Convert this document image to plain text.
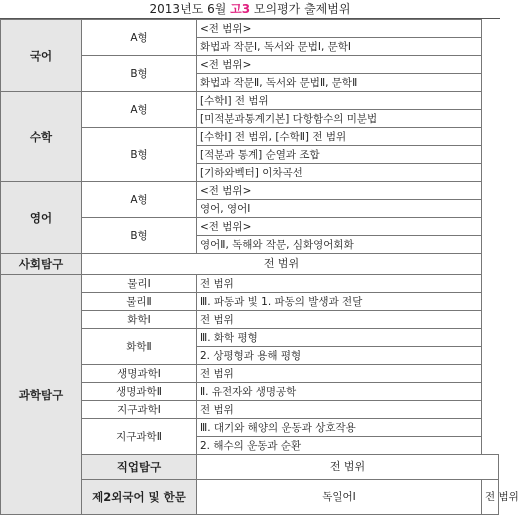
2013년도 6월 고3 모의평가 출제범위
국어	A형	<전 범위>	
		화법과 작문Ⅰ, 독서와 문법Ⅰ, 문학Ⅰ	
	B형	<전 범위>	
		화법과 작문Ⅱ, 독서와 문법Ⅱ, 문학Ⅱ	
수학	A형	[수학Ⅰ] 전 범위	
		[미적분과통계기본] 다항함수의 미분법	
	B형	[수학Ⅰ] 전 범위, [수학Ⅱ] 전 범위	
		[적분과 통계] 순열과 조합	
		[기하와벡터] 이차곡선	
영어	A형	<전 범위>	
		영어, 영어Ⅰ	
	B형	<전 범위>	
		영어Ⅱ, 독해와 작문, 심화영어회화	
사회탐구	전 범위		
과학탐구	물리Ⅰ	전 범위	
	물리Ⅱ	Ⅲ. 파동과 빛 1. 파동의 발생과 전달	
	화학Ⅰ	전 범위	
	화학Ⅱ	Ⅲ. 화학 평형	
		2. 상평형과 용해 평형	
	생명과학Ⅰ	전 범위	
	생명과학Ⅱ	Ⅱ. 유전자와 생명공학	
	지구과학Ⅰ	전 범위	
	지구과학Ⅱ	Ⅲ. 대기와 해양의 운동과 상호작용	
		2. 해수의 운동과 순환	
	직업탐구	전 범위	
	제2외국어 및 한문	독일어Ⅰ	전 범위
